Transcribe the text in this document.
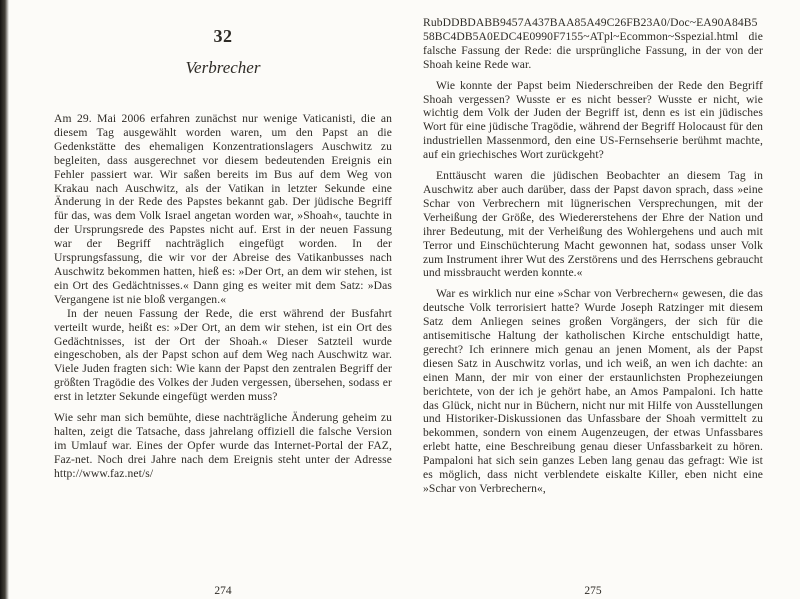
32
Verbrecher

Am 29. Mai 2006 erfahren zunächst nur wenige Vaticanisti, die an diesem Tag ausgewählt worden waren, um den Papst an die Gedenkstätte des ehemaligen Konzentrationslagers Auschwitz zu begleiten, dass ausgerechnet vor diesem bedeutenden Ereignis ein Fehler passiert war. Wir saßen bereits im Bus auf dem Weg von Krakau nach Auschwitz, als der Vatikan in letzter Sekunde eine Änderung in der Rede des Papstes bekannt gab. Der jüdische Begriff für das, was dem Volk Israel angetan worden war, »Shoah«, tauchte in der Ursprungsrede des Papstes nicht auf. Erst in der neuen Fassung war der Begriff nachträglich eingefügt worden. In der Ursprungsfassung, die wir vor der Abreise des Vatikanbusses nach Auschwitz bekommen hatten, hieß es: »Der Ort, an dem wir stehen, ist ein Ort des Gedächtnisses.« Dann ging es weiter mit dem Satz: »Das Vergangene ist nie bloß vergangen.«

In der neuen Fassung der Rede, die erst während der Busfahrt verteilt wurde, heißt es: »Der Ort, an dem wir stehen, ist ein Ort des Gedächtnisses, ist der Ort der Shoah.« Dieser Satzteil wurde eingeschoben, als der Papst schon auf dem Weg nach Auschwitz war. Viele Juden fragten sich: Wie kann der Papst den zentralen Begriff der größten Tragödie des Volkes der Juden vergessen, übersehen, sodass er erst in letzter Sekunde eingefügt werden muss?

Wie sehr man sich bemühte, diese nachträgliche Änderung geheim zu halten, zeigt die Tatsache, dass jahrelang offiziell die falsche Version im Umlauf war. Eines der Opfer wurde das Internet-Portal der FAZ, Faz-net. Noch drei Jahre nach dem Ereignis steht unter der Adresse http://www.faz.net/s/

274

RubDDBDABB9457A437BAA85A49C26FB23A0/Doc~EA90A84B558BC4DB5A0EDC4E0990F7155~ATpl~Ecommon~Sspezial.html die falsche Fassung der Rede: die ursprüngliche Fassung, in der von der Shoah keine Rede war.

Wie konnte der Papst beim Niederschreiben der Rede den Begriff Shoah vergessen? Wusste er es nicht besser? Wusste er nicht, wie wichtig dem Volk der Juden der Begriff ist, denn es ist ein jüdisches Wort für eine jüdische Tragödie, während der Begriff Holocaust für den industriellen Massenmord, den eine US-Fernsehserie berühmt machte, auf ein griechisches Wort zurückgeht?

Enttäuscht waren die jüdischen Beobachter an diesem Tag in Auschwitz aber auch darüber, dass der Papst davon sprach, dass »eine Schar von Verbrechern mit lügnerischen Versprechungen, mit der Verheißung der Größe, des Wiedererstehens der Ehre der Nation und ihrer Bedeutung, mit der Verheißung des Wohlergehens und auch mit Terror und Einschüchterung Macht gewonnen hat, sodass unser Volk zum Instrument ihrer Wut des Zerstörens und des Herrschens gebraucht und missbraucht werden konnte.«

War es wirklich nur eine »Schar von Verbrechern« gewesen, die das deutsche Volk terrorisiert hatte? Wurde Joseph Ratzinger mit diesem Satz dem Anliegen seines großen Vorgängers, der sich für die antisemitische Haltung der katholischen Kirche entschuldigt hatte, gerecht? Ich erinnere mich genau an jenen Moment, als der Papst diesen Satz in Auschwitz vorlas, und ich weiß, an wen ich dachte: an einen Mann, der mir von einer der erstaunlichsten Prophezeiungen berichtete, von der ich je gehört habe, an Amos Pampaloni. Ich hatte das Glück, nicht nur in Büchern, nicht nur mit Hilfe von Ausstellungen und Historiker-Diskussionen das Unfassbare der Shoah vermittelt zu bekommen, sondern von einem Augenzeugen, der etwas Unfassbares erlebt hatte, eine Beschreibung genau dieser Unfassbarkeit zu hören. Pampaloni hat sich sein ganzes Leben lang genau das gefragt: Wie ist es möglich, dass nicht verblendete eiskalte Killer, eben nicht eine »Schar von Verbrechern«,

275
